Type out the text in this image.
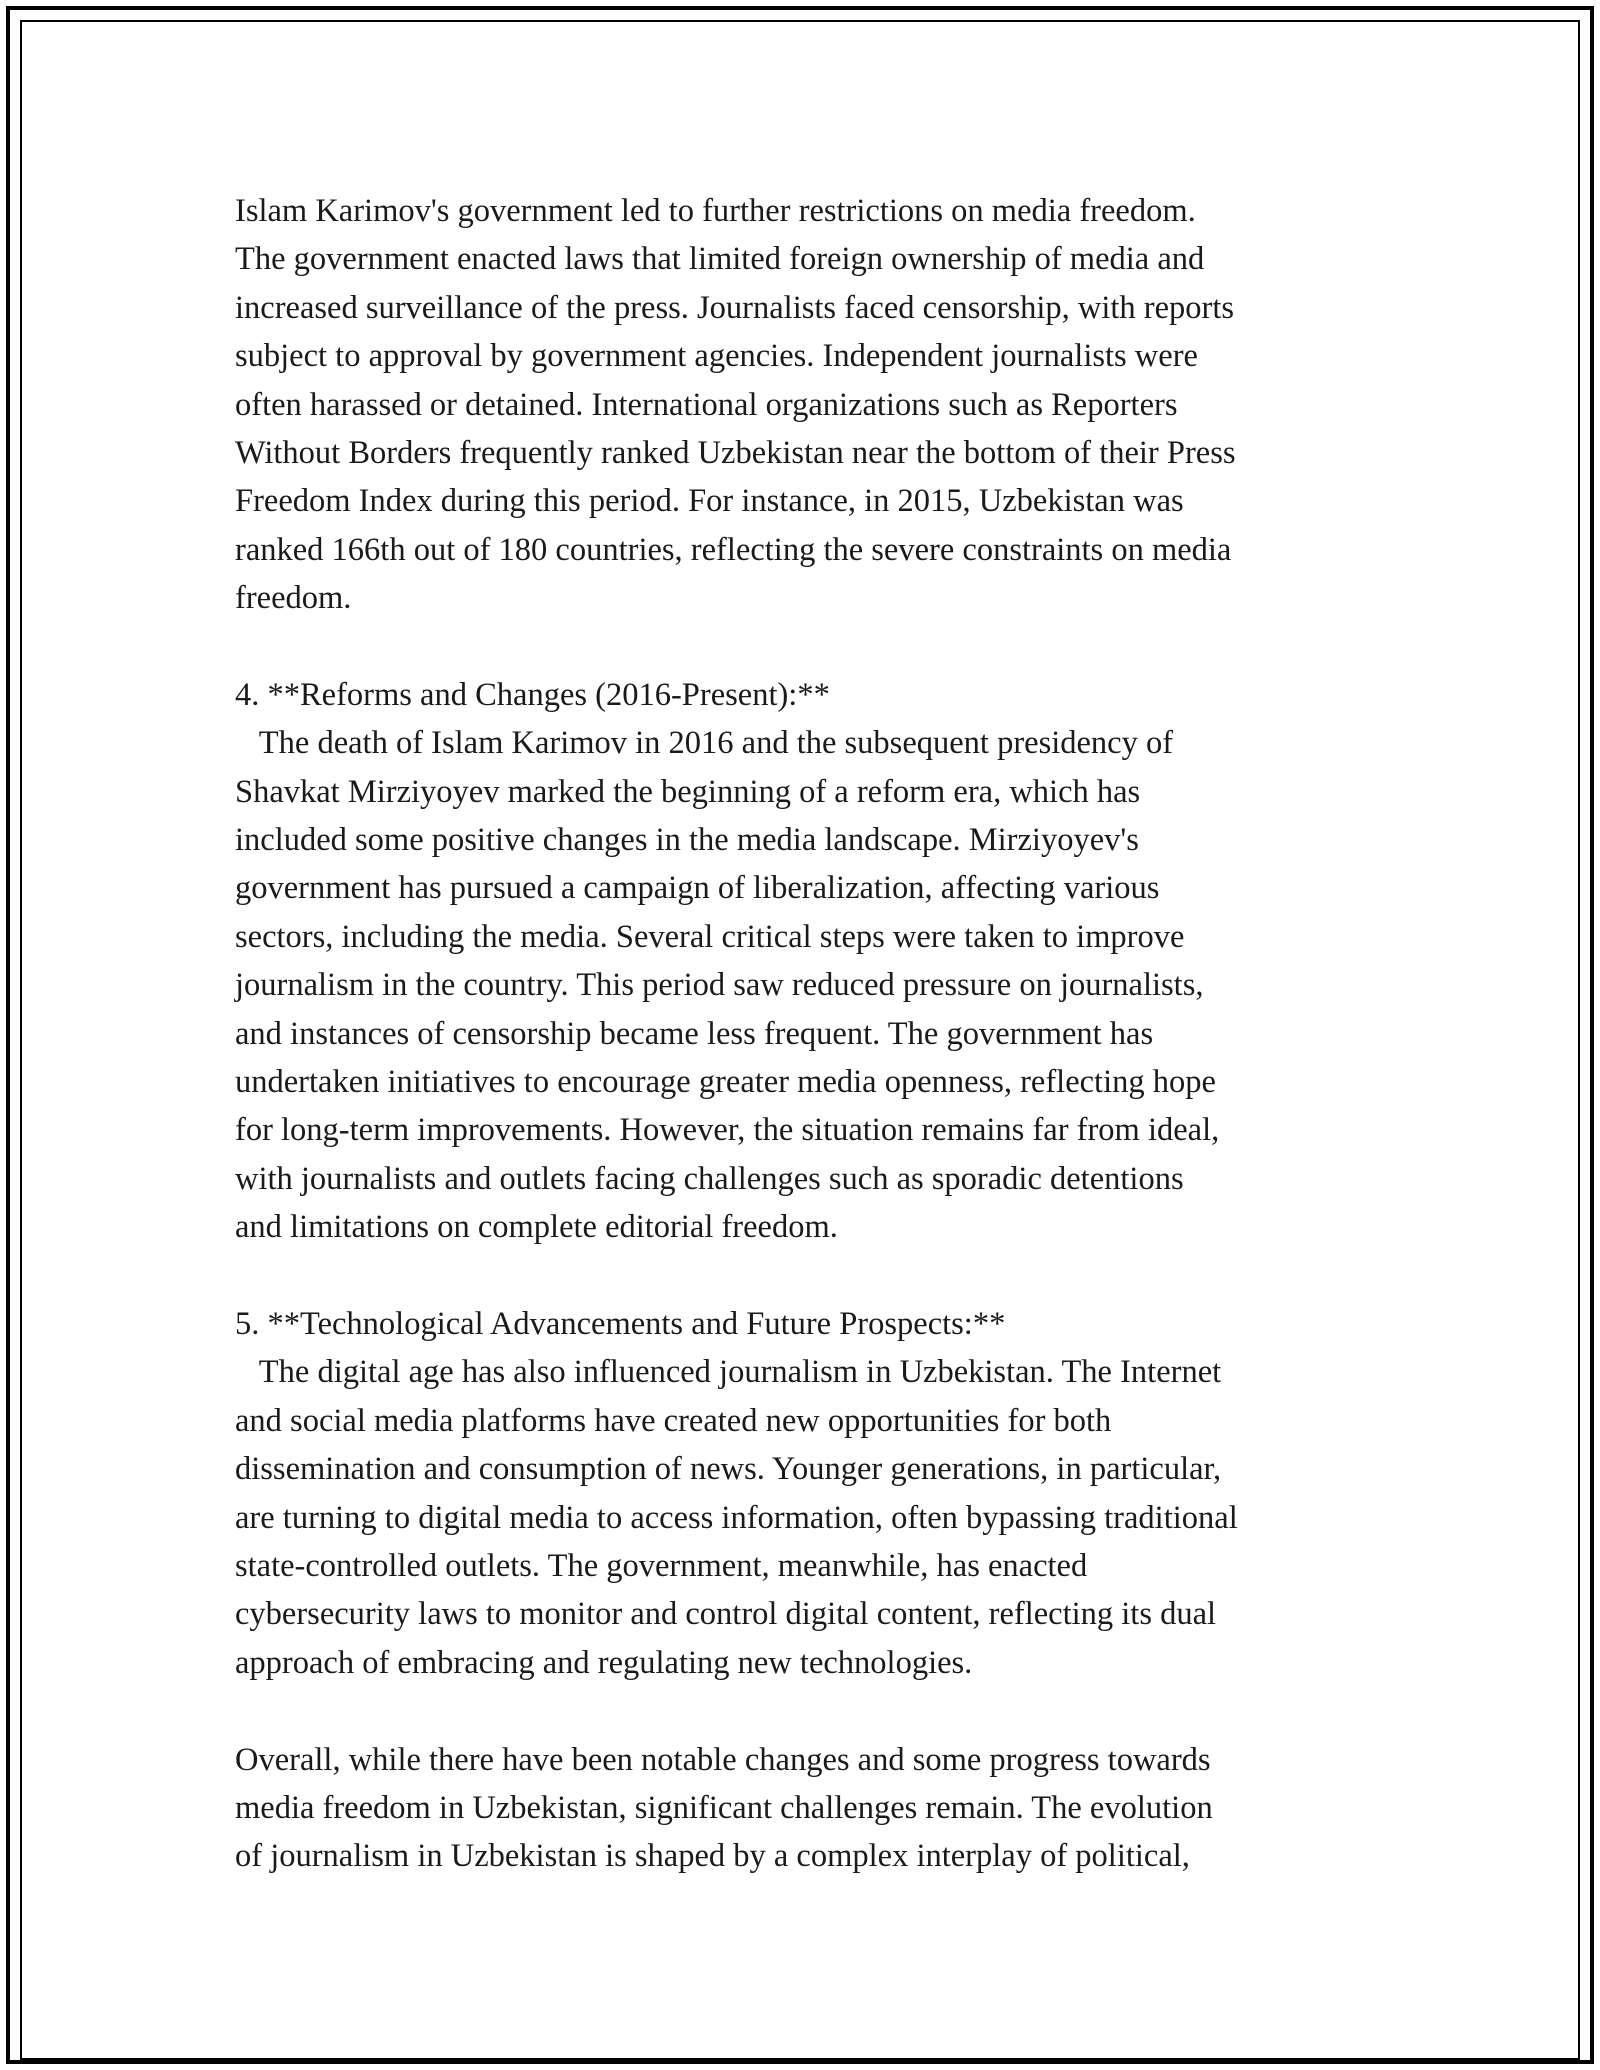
Islam Karimov's government led to further restrictions on media freedom.
The government enacted laws that limited foreign ownership of media and
increased surveillance of the press. Journalists faced censorship, with reports
subject to approval by government agencies. Independent journalists were
often harassed or detained. International organizations such as Reporters
Without Borders frequently ranked Uzbekistan near the bottom of their Press
Freedom Index during this period. For instance, in 2015, Uzbekistan was
ranked 166th out of 180 countries, reflecting the severe constraints on media
freedom.
4. **Reforms and Changes (2016-Present):**
The death of Islam Karimov in 2016 and the subsequent presidency of
Shavkat Mirziyoyev marked the beginning of a reform era, which has
included some positive changes in the media landscape. Mirziyoyev's
government has pursued a campaign of liberalization, affecting various
sectors, including the media. Several critical steps were taken to improve
journalism in the country. This period saw reduced pressure on journalists,
and instances of censorship became less frequent. The government has
undertaken initiatives to encourage greater media openness, reflecting hope
for long-term improvements. However, the situation remains far from ideal,
with journalists and outlets facing challenges such as sporadic detentions
and limitations on complete editorial freedom.
5. **Technological Advancements and Future Prospects:**
The digital age has also influenced journalism in Uzbekistan. The Internet
and social media platforms have created new opportunities for both
dissemination and consumption of news. Younger generations, in particular,
are turning to digital media to access information, often bypassing traditional
state-controlled outlets. The government, meanwhile, has enacted
cybersecurity laws to monitor and control digital content, reflecting its dual
approach of embracing and regulating new technologies.
Overall, while there have been notable changes and some progress towards
media freedom in Uzbekistan, significant challenges remain. The evolution
of journalism in Uzbekistan is shaped by a complex interplay of political,
